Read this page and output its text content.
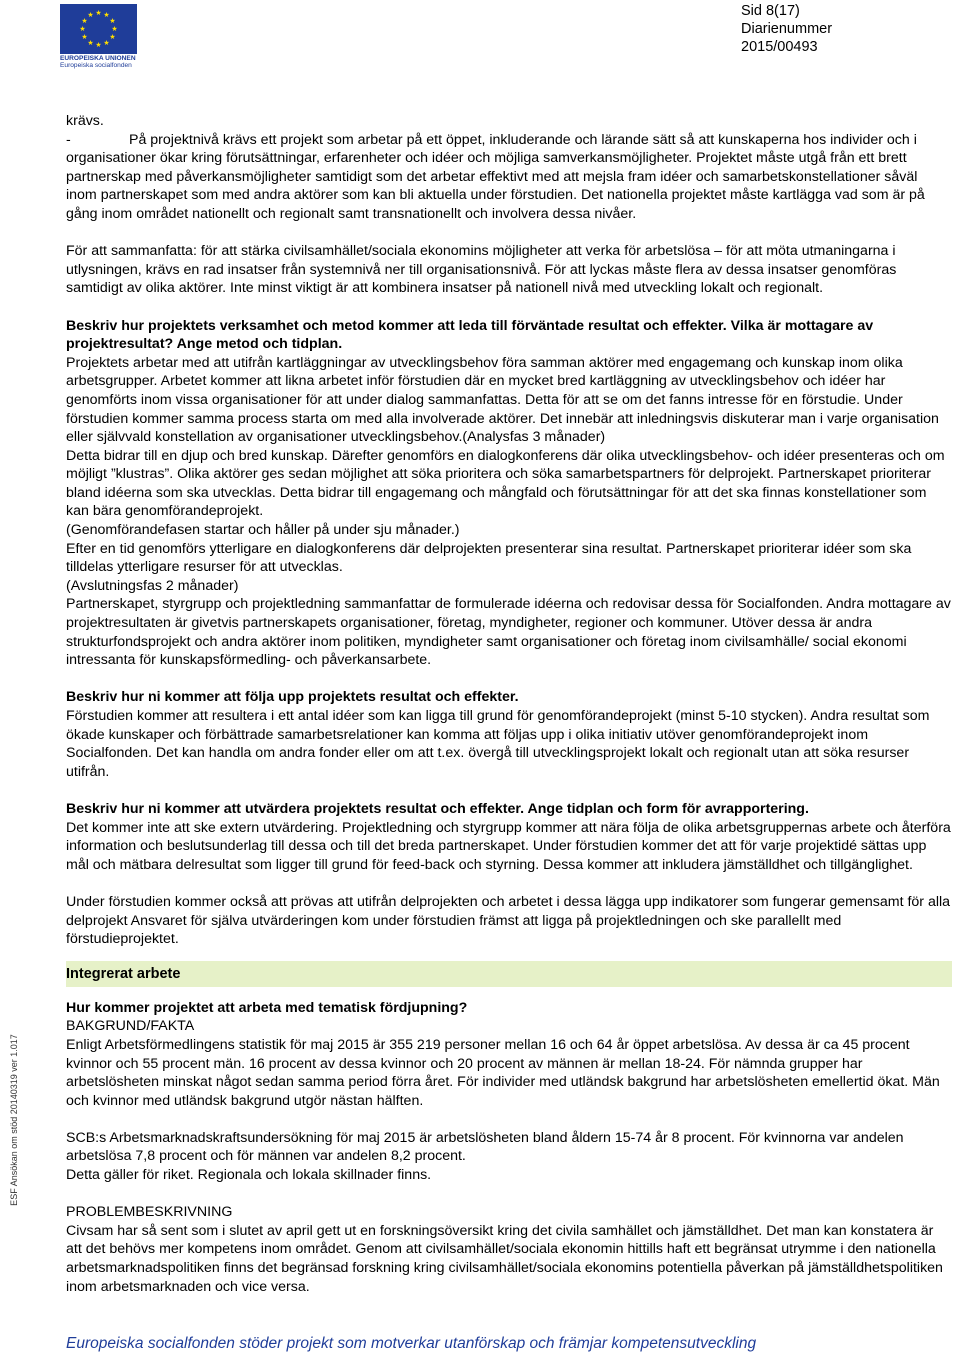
★ ★
★
★
★
★
★
★
★
★
★
★
EUROPEISKA UNIONEN
Europeiska socialfonden
Sid 8(17)
Diarienummer
2015/00493
ESF Ansökan om stöd 20140319 ver 1.017

krävs.

-	På projektnivå krävs ett projekt som arbetar på ett öppet, inkluderande och lärande sätt så att kunskaperna hos individer och i organisationer ökar kring förutsättningar, erfarenheter och idéer och möjliga samverkansmöjligheter. Projektet måste utgå från ett brett partnerskap med påverkansmöjligheter samtidigt som det arbetar effektivt med att mejsla fram idéer och samarbetskonstellationer såväl inom partnerskapet som med andra aktörer som kan bli aktuella under förstudien. Det nationella projektet måste kartlägga vad som är på gång inom området nationellt och regionalt samt transnationellt och involvera dessa nivåer.

För att sammanfatta: för att stärka civilsamhället/sociala ekonomins möjligheter att verka för arbetslösa – för att möta utmaningarna i utlysningen, krävs en rad insatser från systemnivå ner till organisationsnivå. För att lyckas måste flera av dessa insatser genomföras samtidigt av olika aktörer. Inte minst viktigt är att kombinera insatser på nationell nivå med utveckling lokalt och regionalt.

Beskriv hur projektets verksamhet och metod kommer att leda till förväntade resultat och effekter. Vilka är mottagare av projektresultat? Ange metod och tidplan.

Projektets arbetar med att utifrån kartläggningar av utvecklingsbehov föra samman aktörer med engagemang och kunskap inom olika arbetsgrupper. Arbetet kommer att likna arbetet inför förstudien där en mycket bred kartläggning av utvecklingsbehov och idéer har genomförts inom vissa organisationer för att under dialog sammanfattas. Detta för att se om det fanns intresse för en förstudie. Under förstudien kommer samma process starta om med alla involverade aktörer. Det innebär att inledningsvis diskuterar man i varje organisation eller självvald konstellation av organisationer utvecklingsbehov.(Analysfas 3 månader)

Detta bidrar till en djup och bred kunskap. Därefter genomförs en dialogkonferens där olika utvecklingsbehov- och idéer presenteras och om möjligt ”klustras”. Olika aktörer ges sedan möjlighet att söka prioritera och söka samarbetspartners för delprojekt. Partnerskapet prioriterar bland idéerna som ska utvecklas. Detta bidrar till engagemang och mångfald och förutsättningar för att det ska finnas konstellationer som kan bära genomförandeprojekt.

(Genomförandefasen startar och håller på under sju månader.)

Efter en tid genomförs ytterligare en dialogkonferens där delprojekten presenterar sina resultat. Partnerskapet prioriterar idéer som ska tilldelas ytterligare resurser för att utvecklas.

(Avslutningsfas 2 månader)

Partnerskapet, styrgrupp och projektledning sammanfattar de formulerade idéerna och redovisar dessa för Socialfonden. Andra mottagare av projektresultaten är givetvis partnerskapets organisationer, företag, myndigheter, regioner och kommuner. Utöver dessa är andra strukturfondsprojekt och andra aktörer inom politiken, myndigheter samt organisationer och företag inom civilsamhälle/ social ekonomi intressanta för kunskapsförmedling- och påverkansarbete.

Beskriv hur ni kommer att följa upp projektets resultat och effekter.

Förstudien kommer att resultera i ett antal idéer som kan ligga till grund för genomförandeprojekt (minst 5-10 stycken). Andra resultat som ökade kunskaper och förbättrade samarbetsrelationer kan komma att följas upp i olika initiativ utöver genomförandeprojekt inom Socialfonden. Det kan handla om andra fonder eller om att t.ex. övergå till utvecklingsprojekt lokalt och regionalt utan att söka resurser utifrån.

Beskriv hur ni kommer att utvärdera projektets resultat och effekter. Ange tidplan och form för avrapportering.

Det kommer inte att ske extern utvärdering. Projektledning och styrgrupp kommer att nära följa de olika arbetsgruppernas arbete och återföra information och beslutsunderlag till dessa och till det breda partnerskapet. Under förstudien kommer det att för varje projektidé sättas upp mål och mätbara delresultat som ligger till grund för feed-back och styrning. Dessa kommer att inkludera jämställdhet och tillgänglighet.

Under förstudien kommer också att prövas att utifrån delprojekten och arbetet i dessa lägga upp indikatorer som fungerar gemensamt för alla delprojekt Ansvaret för själva utvärderingen kom under förstudien främst att ligga på projektledningen och ske parallellt med förstudieprojektet.

Integrerat arbete

Hur kommer projektet att arbeta med tematisk fördjupning?

BAKGRUND/FAKTA

Enligt Arbetsförmedlingens statistik för maj 2015 är 355 219 personer mellan 16 och 64 år öppet arbetslösa. Av dessa är ca 45 procent kvinnor och 55 procent män. 16 procent av dessa kvinnor och 20 procent av männen är mellan 18-24. För nämnda grupper har arbetslösheten minskat något sedan samma period förra året. För individer med utländsk bakgrund har arbetslösheten emellertid ökat. Män och kvinnor med utländsk bakgrund utgör nästan hälften.

SCB:s Arbetsmarknadskraftsundersökning för maj 2015 är arbetslösheten bland åldern 15-74 år 8 procent. För kvinnorna var andelen arbetslösa 7,8 procent och för männen var andelen 8,2 procent.

Detta gäller för riket. Regionala och lokala skillnader finns.

PROBLEMBESKRIVNING

Civsam har så sent som i slutet av april gett ut en forskningsöversikt kring det civila samhället och jämställdhet. Det man kan konstatera är att det behövs mer kompetens inom området. Genom att civilsamhället/sociala ekonomin hittills haft ett begränsat utrymme i den nationella arbetsmarknadspolitiken finns det begränsad forskning kring civilsamhället/sociala ekonomins potentiella påverkan på jämställdhetspolitiken inom arbetsmarknaden och vice versa.

Europeiska socialfonden stöder projekt som motverkar utanförskap och främjar kompetensutveckling
